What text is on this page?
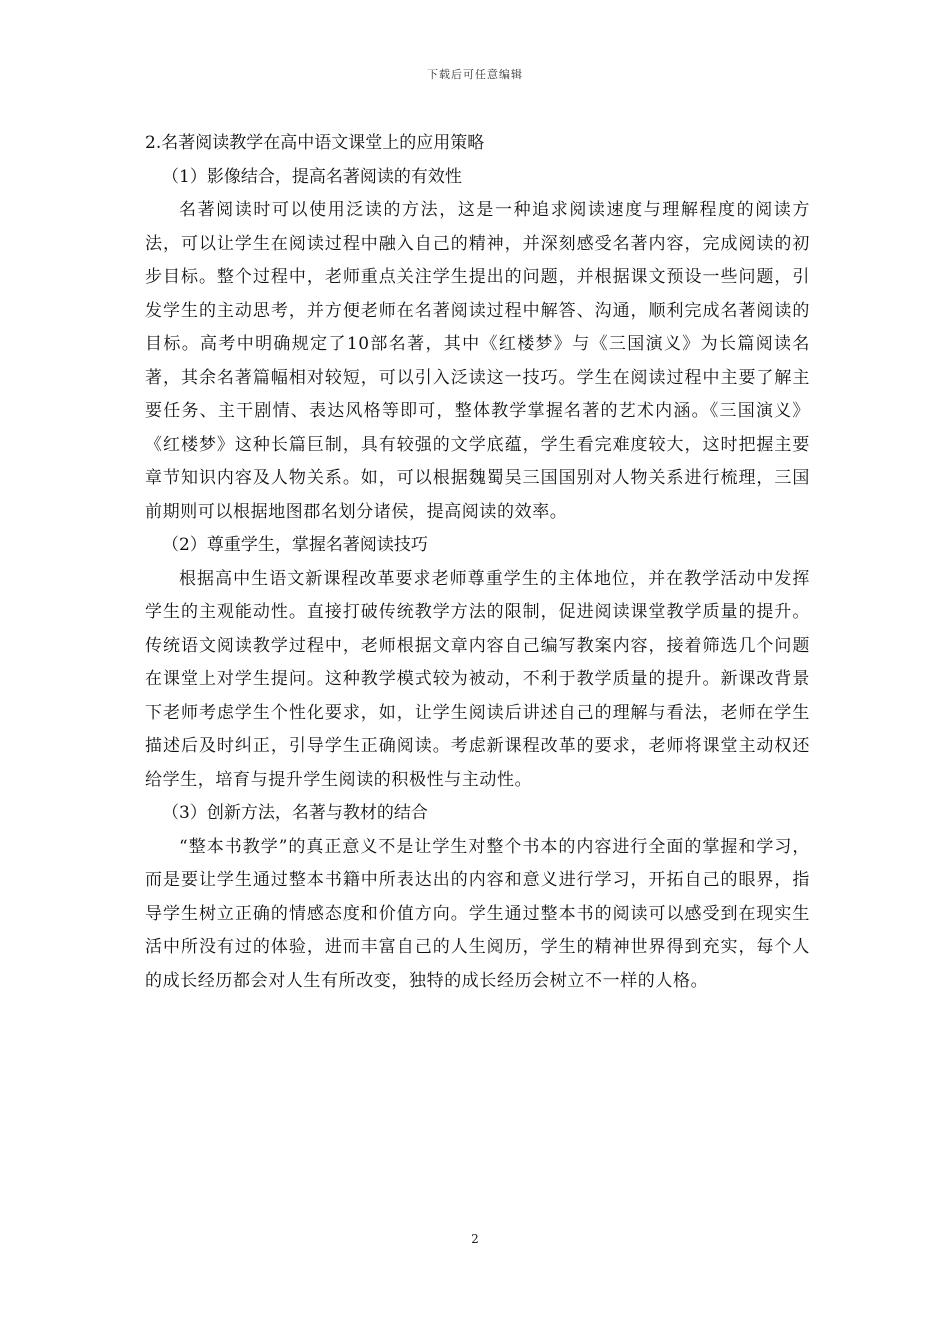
下载后可任意编辑

2.名著阅读教学在高中语文课堂上的应用策略

（1）影像结合，提高名著阅读的有效性

名著阅读时可以使用泛读的方法，这是一种追求阅读速度与理解程度的阅读方法，可以让学生在阅读过程中融入自己的精神，并深刻感受名著内容，完成阅读的初步目标。整个过程中，老师重点关注学生提出的问题，并根据课文预设一些问题，引发学生的主动思考，并方便老师在名著阅读过程中解答、沟通，顺利完成名著阅读的目标。高考中明确规定了10部名著，其中《红楼梦》与《三国演义》为长篇阅读名著，其余名著篇幅相对较短，可以引入泛读这一技巧。学生在阅读过程中主要了解主要任务、主干剧情、表达风格等即可，整体教学掌握名著的艺术内涵。《三国演义》《红楼梦》这种长篇巨制，具有较强的文学底蕴，学生看完难度较大，这时把握主要章节知识内容及人物关系。如，可以根据魏蜀吴三国国别对人物关系进行梳理，三国前期则可以根据地图郡名划分诸侯，提高阅读的效率。

（2）尊重学生，掌握名著阅读技巧

根据高中生语文新课程改革要求老师尊重学生的主体地位，并在教学活动中发挥学生的主观能动性。直接打破传统教学方法的限制，促进阅读课堂教学质量的提升。传统语文阅读教学过程中，老师根据文章内容自己编写教案内容，接着筛选几个问题在课堂上对学生提问。这种教学模式较为被动，不利于教学质量的提升。新课改背景下老师考虑学生个性化要求，如，让学生阅读后讲述自己的理解与看法，老师在学生描述后及时纠正，引导学生正确阅读。考虑新课程改革的要求，老师将课堂主动权还给学生，培育与提升学生阅读的积极性与主动性。

（3）创新方法，名著与教材的结合

“整本书教学”的真正意义不是让学生对整个书本的内容进行全面的掌握和学习，而是要让学生通过整本书籍中所表达出的内容和意义进行学习，开拓自己的眼界，指导学生树立正确的情感态度和价值方向。学生通过整本书的阅读可以感受到在现实生活中所没有过的体验，进而丰富自己的人生阅历，学生的精神世界得到充实，每个人的成长经历都会对人生有所改变，独特的成长经历会树立不一样的人格。

2
